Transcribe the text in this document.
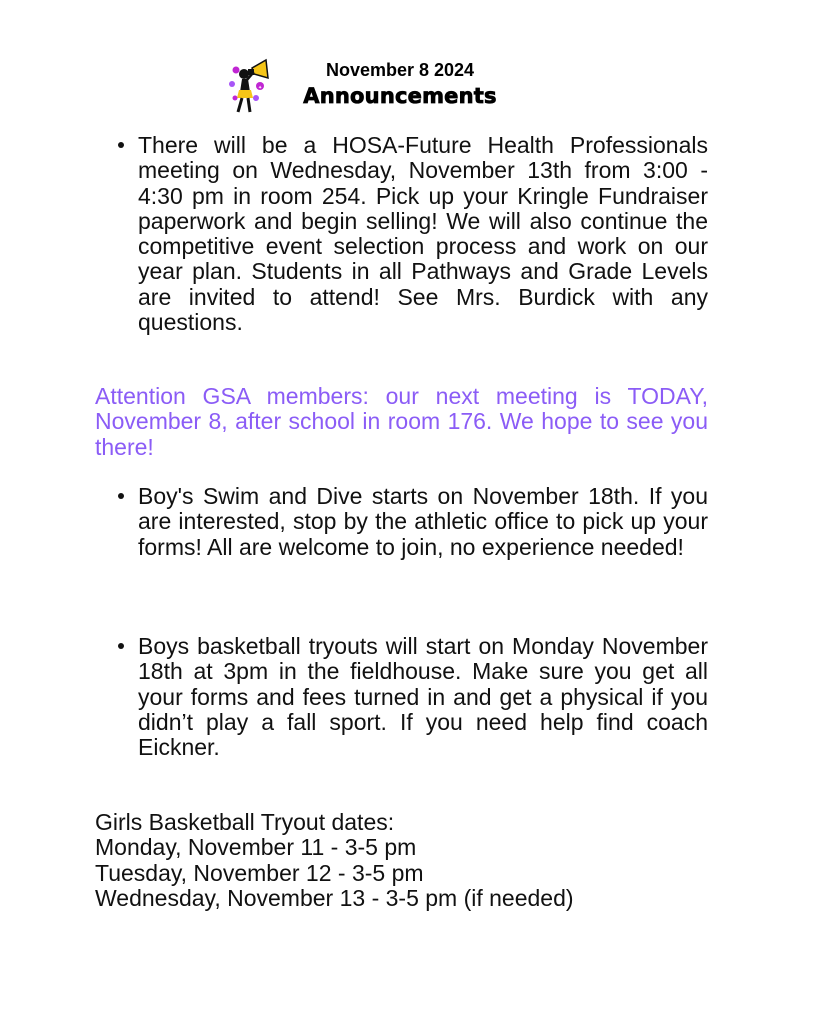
✦
November 8 2024
Announcements

There will be a HOSA-Future Health Professionals meeting on Wednesday, November 13th from 3:00 - 4:30 pm in room 254. Pick up your Kringle Fundraiser paperwork and begin selling! We will also continue the competitive event selection process and work on our year plan. Students in all Pathways and Grade Levels are invited to attend! See Mrs. Burdick with any questions.

Attention GSA members: our next meeting is TODAY, November 8, after school in room 176. We hope to see you there!

Boy's Swim and Dive starts on November 18th. If you are interested, stop by the athletic office to pick up your forms! All are welcome to join, no experience needed!

Boys basketball tryouts will start on Monday November 18th at 3pm in the fieldhouse. Make sure you get all your forms and fees turned in and get a physical if you didn’t play a fall sport. If you need help find coach Eickner.

Girls Basketball Tryout dates:

Monday, November 11 - 3-5 pm

Tuesday, November 12 - 3-5 pm

Wednesday, November 13 - 3-5 pm (if needed)
